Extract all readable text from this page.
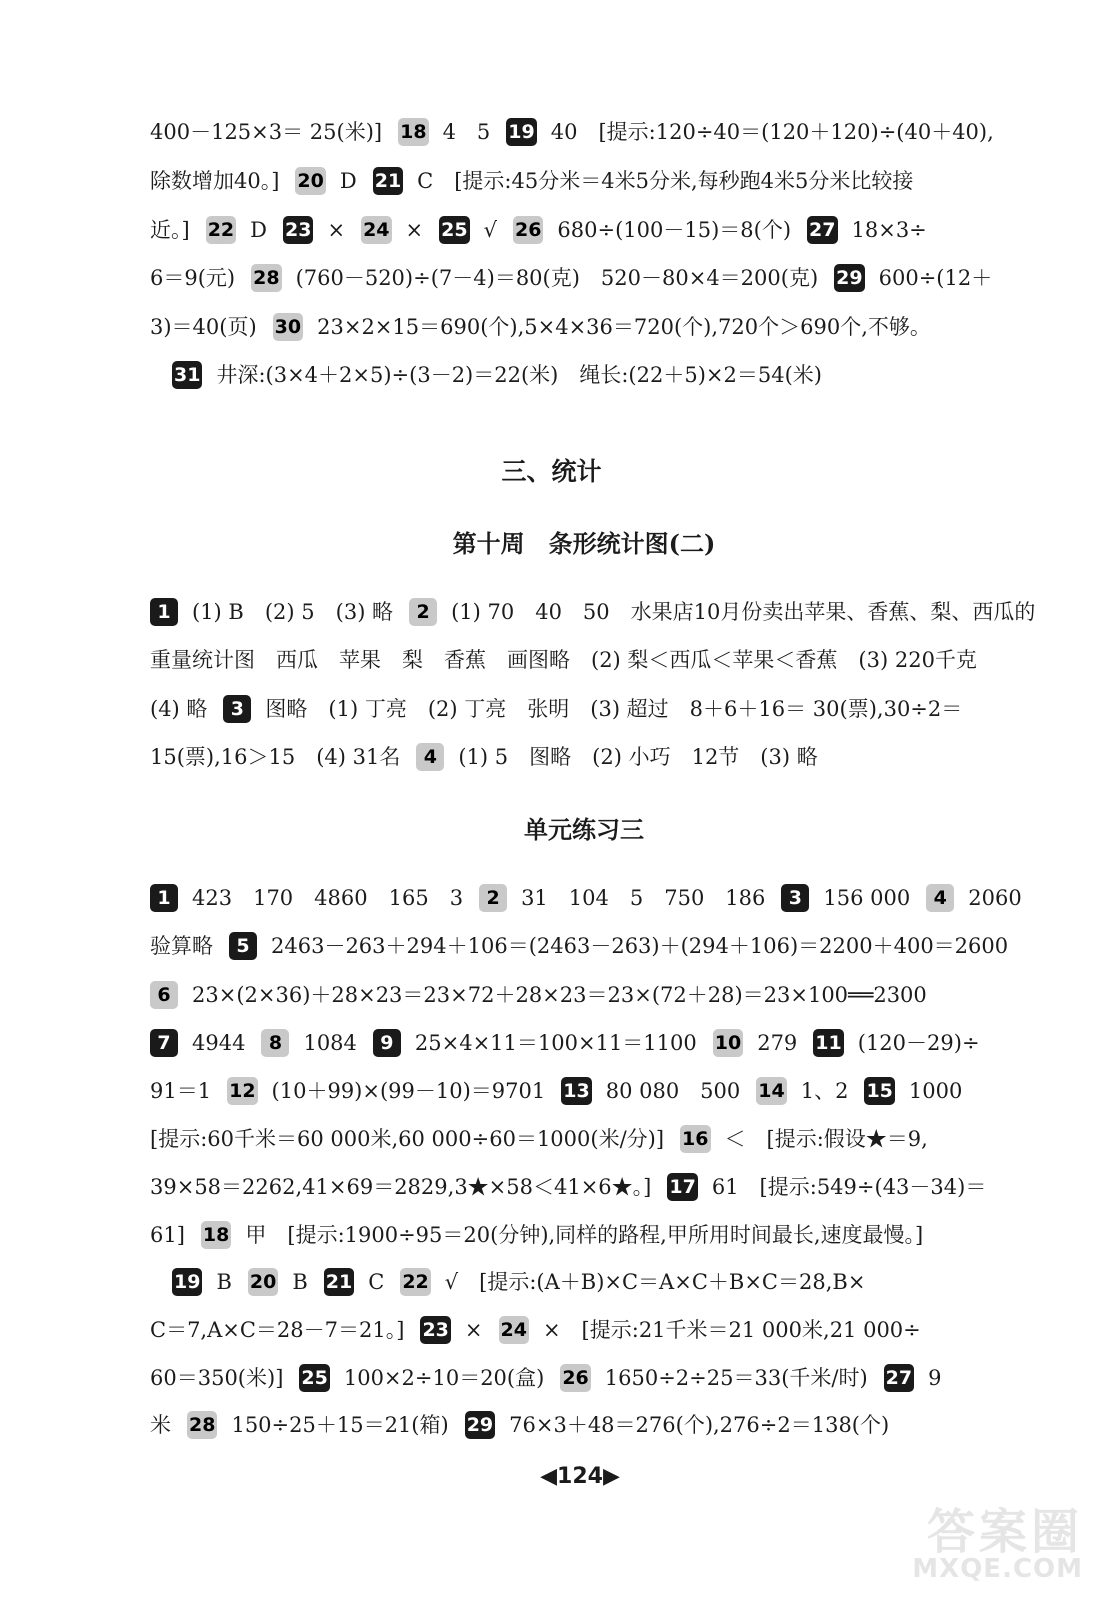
400－125×3＝ 25(米)] 18 4　5 19 40　[提示:120÷40＝(120＋120)÷(40＋40),
除数增加40。] 20 D 21 C　[提示:45分米＝4米5分米,每秒跑4米5分米比较接
近。] 22 D 23 × 24 × 25 √ 26 680÷(100－15)＝8(个) 27 18×3÷
6＝9(元) 28 (760－520)÷(7－4)＝80(克)　520－80×4＝200(克) 29 600÷(12＋
3)＝40(页) 30 23×2×15＝690(个),5×4×36＝720(个),720个＞690个,不够。
31 井深:(3×4＋2×5)÷(3－2)＝22(米)　绳长:(22＋5)×2＝54(米)
1 (1) B　(2) 5　(3) 略 2 (1) 70　40　50　水果店10月份卖出苹果、香蕉、梨、西瓜的
重量统计图　西瓜　苹果　梨　香蕉　画图略　(2) 梨＜西瓜＜苹果＜香蕉　(3) 220千克
(4) 略 3 图略　(1) 丁亮　(2) 丁亮　张明　(3) 超过　8＋6＋16＝ 30(票),30÷2＝
15(票),16＞15　(4) 31名 4 (1) 5　图略　(2) 小巧　12节　(3) 略
1 423　170　4860　165　3 2 31　104　5　750　186 3 156 000 4 2060
验算略 5 2463－263＋294＋106＝(2463－263)＋(294＋106)＝2200＋400＝2600
6 23×(2×36)＋28×23＝23×72＋28×23＝23×(72＋28)＝23×100══2300
7 4944 8 1084 9 25×4×11＝100×11＝1100 10 279 11 (120－29)÷
91＝1 12 (10＋99)×(99－10)＝9701 13 80 080　500 14 1、2 15 1000
[提示:60千米＝60 000米,60 000÷60＝1000(米/分)] 16 ＜　[提示:假设★＝9,
39×58＝2262,41×69＝2829,3★×58＜41×6★。] 17 61　[提示:549÷(43－34)＝
61] 18 甲　[提示:1900÷95＝20(分钟),同样的路程,甲所用时间最长,速度最慢。]
19 B 20 B 21 C 22 √　[提示:(A＋B)×C＝A×C＋B×C＝28,B×
C＝7,A×C＝28－7＝21。] 23 × 24 ×　[提示:21千米＝21 000米,21 000÷
60＝350(米)] 25 100×2÷10＝20(盒) 26 1650÷2÷25＝33(千米/时) 27 9
米 28 150÷25＋15＝21(箱) 29 76×3＋48＝276(个),276÷2＝138(个)
三、统计
第十周　条形统计图(二)
单元练习三
◀124▶
答案圈
MXQE.COM
